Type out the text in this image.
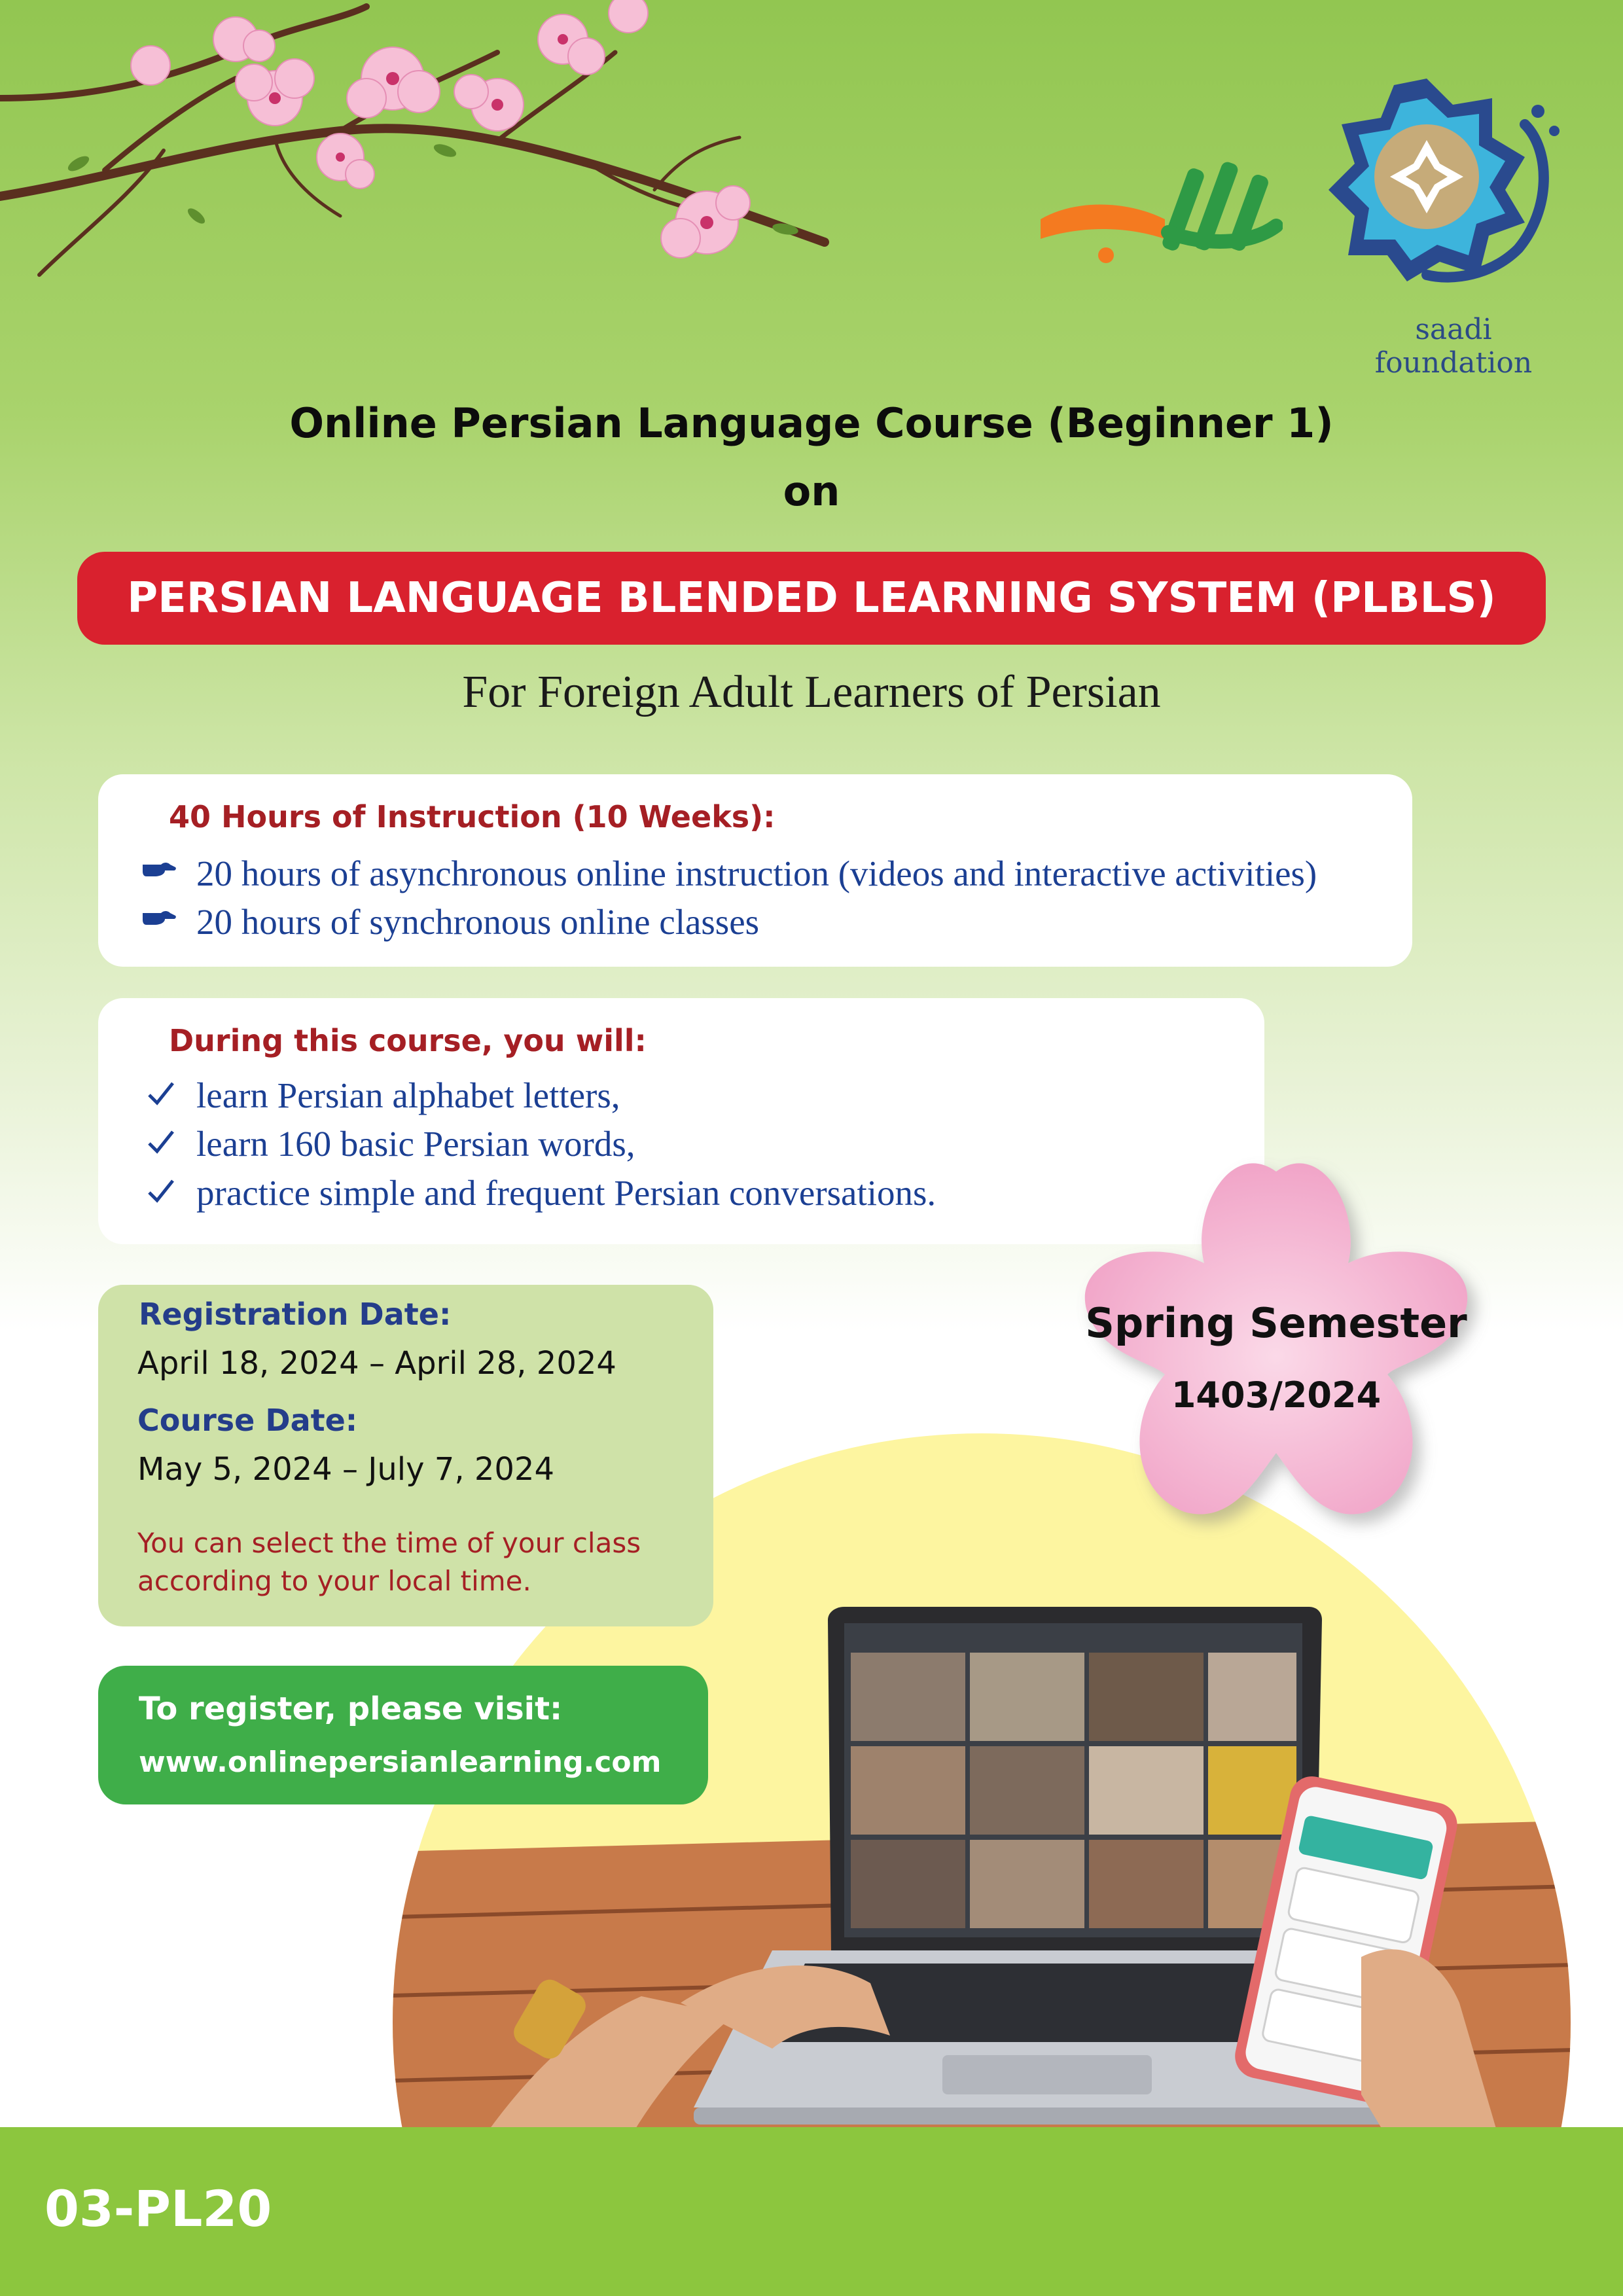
saadi foundation
Online Persian Language Course (Beginner 1)
on
PERSIAN LANGUAGE BLENDED LEARNING SYSTEM (PLBLS)
For Foreign Adult Learners of Persian
40 Hours of Instruction (10 Weeks):
20 hours of asynchronous online instruction (videos and interactive activities)
20 hours of synchronous online classes
During this course, you will:
learn Persian alphabet letters,
learn 160 basic Persian words,
practice simple and frequent Persian conversations.
Registration Date:
April 18, 2024 – April 28, 2024
Course Date:
May 5, 2024 – July 7, 2024
You can select the time of your class
according to your local time.
To register, please visit:
www.onlinepersianlearning.com
Spring Semester
1403/2024
03-PL20
